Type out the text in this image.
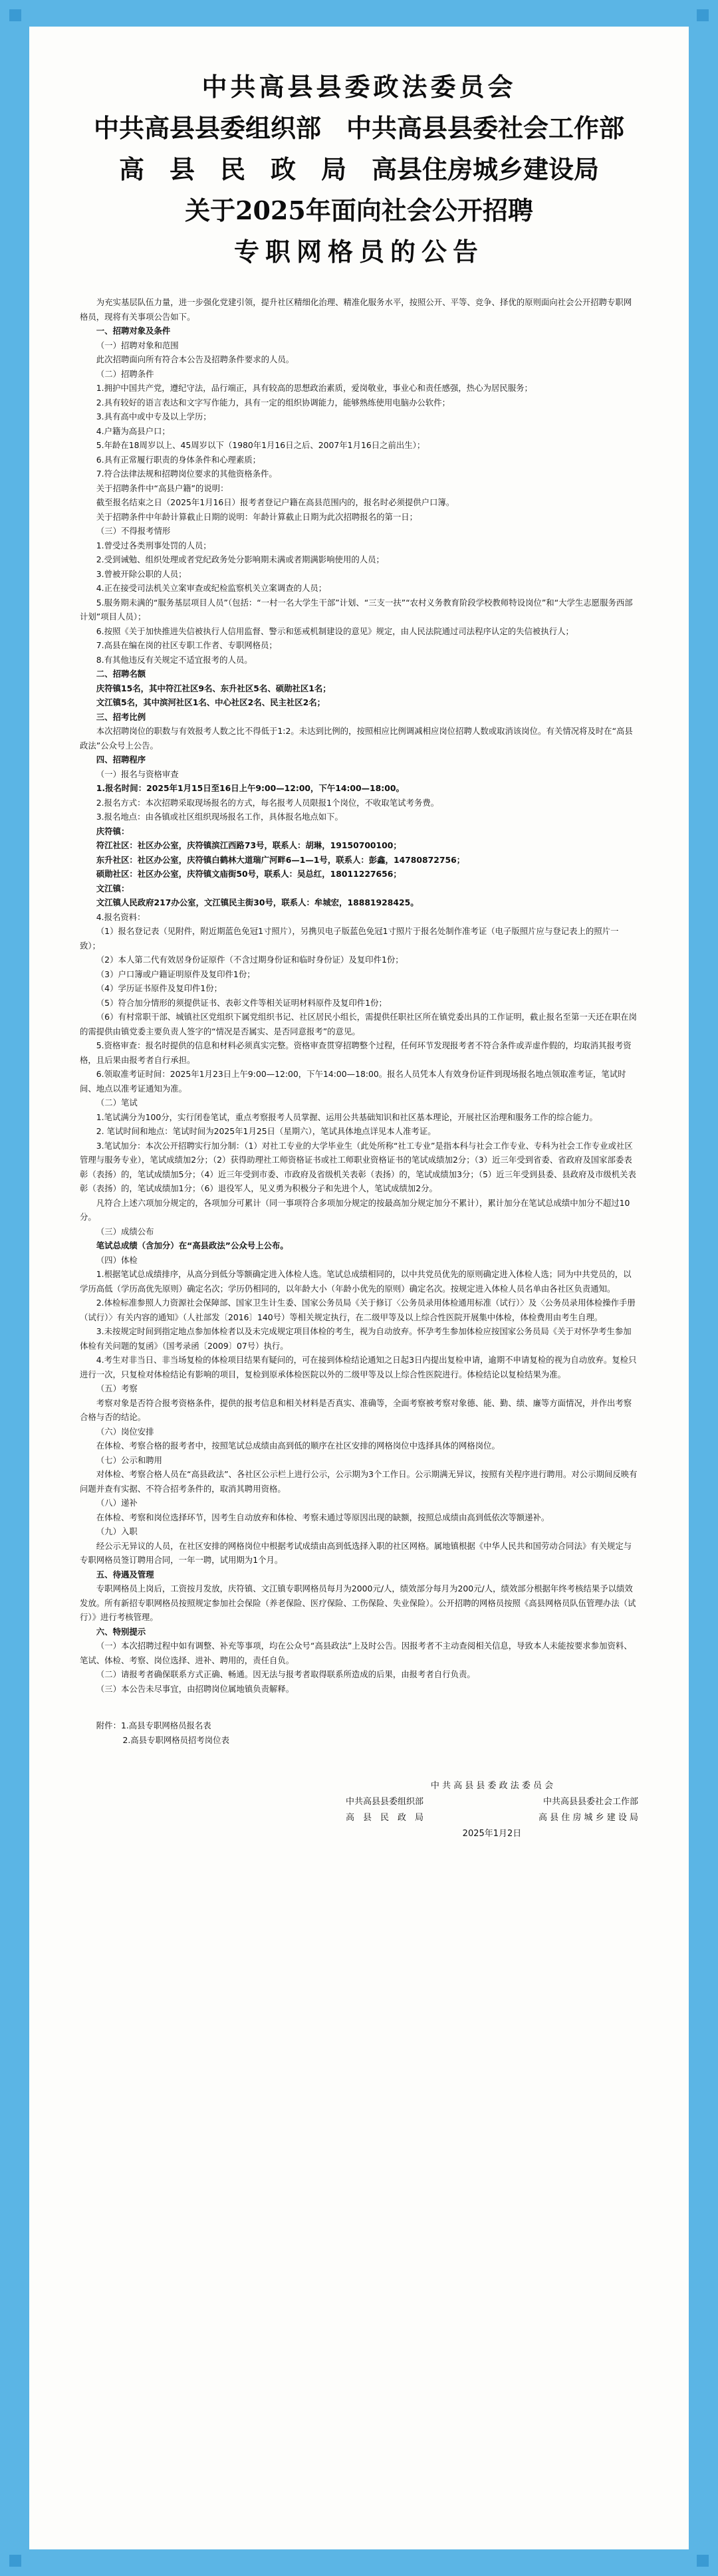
中共高县县委政法委员会
中共高县县委组织部　中共高县县委社会工作部
高　县　民　政　局　高县住房城乡建设局
关于2025年面向社会公开招聘
专职网格员的公告

为充实基层队伍力量，进一步强化党建引领，提升社区精细化治理、精准化服务水平，按照公开、平等、竞争、择优的原则面向社会公开招聘专职网格员，现将有关事项公告如下。

一、招聘对象及条件

（一）招聘对象和范围

此次招聘面向所有符合本公告及招聘条件要求的人员。

（二）招聘条件

1.拥护中国共产党，遵纪守法，品行端正，具有较高的思想政治素质，爱岗敬业，事业心和责任感强，热心为居民服务；

2.具有较好的语言表达和文字写作能力，具有一定的组织协调能力，能够熟练使用电脑办公软件；

3.具有高中或中专及以上学历；

4.户籍为高县户口；

5.年龄在18周岁以上、45周岁以下（1980年1月16日之后、2007年1月16日之前出生）；

6.具有正常履行职责的身体条件和心理素质；

7.符合法律法规和招聘岗位要求的其他资格条件。

关于招聘条件中“高县户籍”的说明：

截至报名结束之日（2025年1月16日）报考者登记户籍在高县范围内的，报名时必须提供户口簿。

关于招聘条件中年龄计算截止日期的说明：年龄计算截止日期为此次招聘报名的第一日；

（三）不得报考情形

1.曾受过各类刑事处罚的人员；

2.受到诫勉、组织处理或者党纪政务处分影响期未满或者期满影响使用的人员；

3.曾被开除公职的人员；

4.正在接受司法机关立案审查或纪检监察机关立案调查的人员；

5.服务期未满的“服务基层项目人员”（包括：“一村一名大学生干部”计划、“三支一扶”“农村义务教育阶段学校教师特设岗位”和“大学生志愿服务西部计划”项目人员）；

6.按照《关于加快推进失信被执行人信用监督、警示和惩戒机制建设的意见》规定，由人民法院通过司法程序认定的失信被执行人；

7.高县在编在岗的社区专职工作者、专职网格员；

8.有其他违反有关规定不适宜报考的人员。

二、招聘名额

庆符镇15名，其中符江社区9名、东升社区5名、硕勋社区1名；

文江镇5名，其中滨河社区1名、中心社区2名、民主社区2名；

三、招考比例

本次招聘岗位的职数与有效报考人数之比不得低于1:2。未达到比例的，按照相应比例调减相应岗位招聘人数或取消该岗位。有关情况将及时在“高县政法”公众号上公告。

四、招聘程序

（一）报名与资格审查

1.报名时间：2025年1月15日至16日上午9:00—12:00，下午14:00—18:00。

2.报名方式：本次招聘采取现场报名的方式，每名报考人员限报1个岗位，不收取笔试考务费。

3.报名地点：由各镇或社区组织现场报名工作，具体报名地点如下。

庆符镇：

符江社区：社区办公室，庆符镇滨江西路73号，联系人：胡琳，19150700100；

东升社区：社区办公室，庆符镇白鹤林大道瑞广河畔6—1—1号，联系人：彭鑫，14780872756；

硕勋社区：社区办公室，庆符镇文庙街50号，联系人：吴总红，18011227656；

文江镇：

文江镇人民政府217办公室，文江镇民主街30号，联系人：牟城宏，18881928425。

4.报名资料：

（1）报名登记表（见附件，附近期蓝色免冠1寸照片），另携贝电子版蓝色免冠1寸照片于报名处制作准考证（电子版照片应与登记表上的照片一致）；

（2）本人第二代有效居身份证原件（不含过期身份证和临时身份证）及复印件1份；

（3）户口簿或户籍证明原件及复印件1份；

（4）学历证书原件及复印件1份；

（5）符合加分情形的须提供证书、表彰文件等相关证明材料原件及复印件1份；

（6）有村常职干部、城镇社区党组织下属党组织书记、社区居民小组长，需提供任职社区所在镇党委出具的工作证明，截止报名至第一天还在职在岗的需提供由镇党委主要负责人签字的“情况是否属实、是否同意报考”的意见。

5.资格审查：报名时提供的信息和材料必须真实完整。资格审查贯穿招聘整个过程，任何环节发现报考者不符合条件或弄虚作假的，均取消其报考资格，且后果由报考者自行承担。

6.领取准考证时间：2025年1月23日上午9:00—12:00，下午14:00—18:00。报名人员凭本人有效身份证件到现场报名地点领取准考证，笔试时间、地点以准考证通知为准。

（二）笔试

1.笔试满分为100分，实行闭卷笔试，重点考察报考人员掌握、运用公共基础知识和社区基本理论，开展社区治理和服务工作的综合能力。

2. 笔试时间和地点：笔试时间为2025年1月25日（星期六），笔试具体地点详见本人准考证。

3.笔试加分：本次公开招聘实行加分制：（1）对社工专业的大学毕业生（此处所称“社工专业”是指本科与社会工作专业、专科为社会工作专业或社区管理与服务专业），笔试成绩加2分；（2）获得助理社工师资格证书或社工师职业资格证书的笔试成绩加2分；（3）近三年受到省委、省政府及国家部委表彰（表扬）的，笔试成绩加5分；（4）近三年受到市委、市政府及省级机关表彰（表扬）的，笔试成绩加3分；（5）近三年受到县委、县政府及市级机关表彰（表扬）的，笔试成绩加1分；（6）退役军人，见义勇为积极分子和先进个人，笔试成绩加2分。

凡符合上述六项加分规定的，各项加分可累计（同一事项符合多项加分规定的按最高加分规定加分不累计），累计加分在笔试总成绩中加分不超过10分。

（三）成绩公布

笔试总成绩（含加分）在“高县政法”公众号上公布。

（四）体检

1.根据笔试总成绩排序，从高分到低分等额确定进入体检人选。笔试总成绩相同的，以中共党员优先的原则确定进入体检人选；同为中共党员的，以学历高低（学历高优先原则）确定名次；学历仍相同的，以年龄大小（年龄小优先的原则）确定名次。按规定进入体检人员名单由各社区负责通知。

2.体检标准参照人力资源社会保障部、国家卫生计生委、国家公务员局《关于修订〈公务员录用体检通用标准（试行）〉及〈公务员录用体检操作手册（试行）〉有关内容的通知》（人社部发〔2016〕140号）等相关规定执行，在二级甲等及以上综合性医院开展集中体检，体检费用由考生自理。

3.未按规定时间到指定地点参加体检者以及未完成规定项目体检的考生，视为自动放弃。怀孕考生参加体检应按国家公务员局《关于对怀孕考生参加体检有关问题的复函》（国考录函〔2009〕07号）执行。

4.考生对非当日、非当场复检的体检项目结果有疑问的，可在接到体检结论通知之日起3日内提出复检申请，逾期不申请复检的视为自动放弃。复检只进行一次，只复检对体检结论有影响的项目，复检到原承体检医院以外的二级甲等及以上综合性医院进行。体检结论以复检结果为准。

（五）考察

考察对象是否符合报考资格条件，提供的报考信息和相关材料是否真实、准确等，全面考察被考察对象德、能、勤、绩、廉等方面情况，并作出考察合格与否的结论。

（六）岗位安排

在体检、考察合格的报考者中，按照笔试总成绩由高到低的顺序在社区安排的网格岗位中选择具体的网格岗位。

（七）公示和聘用

对体检、考察合格人员在“高县政法”、各社区公示栏上进行公示，公示期为3个工作日。公示期满无异议，按照有关程序进行聘用。对公示期间反映有问题并查有实据、不符合招考条件的，取消其聘用资格。

（八）递补

在体检、考察和岗位选择环节，因考生自动放弃和体检、考察未通过等原因出现的缺额，按照总成绩由高到低依次等额递补。

（九）入职

经公示无异议的人员，在社区安排的网格岗位中根据考试成绩由高到低选择入职的社区网格。属地镇根据《中华人民共和国劳动合同法》有关规定与专职网格员签订聘用合同，一年一聘，试用期为1个月。

五、待遇及管理

专职网格员上岗后，工资按月发放，庆符镇、文江镇专职网格员每月为2000元/人，绩效部分每月为200元/人，绩效部分根据年终考核结果予以绩效发放。所有新招专职网格员按照规定参加社会保险（养老保险、医疗保险、工伤保险、失业保险）。公开招聘的网格员按照《高县网格员队伍管理办法（试行）》进行考核管理。

六、特别提示

（一）本次招聘过程中如有调整、补充等事项，均在公众号“高县政法”上及时公告。因报考者不主动查阅相关信息，导致本人未能按要求参加资料、笔试、体检、考察、岗位选择、进补、聘用的，责任自负。

（二）请报考者确保联系方式正确、畅通。因无法与报考者取得联系所造成的后果，由报考者自行负责。

（三）本公告未尽事宜，由招聘岗位属地镇负责解释。

附件：1.高县专职网格员报名表

2.高县专职网格员招考岗位表

中 共 高 县 县 委 政 法 委 员 会
中共高县县委组织部	中共高县县委社会工作部
高　县　民　政　局	高 县 住 房 城 乡 建 设 局
2025年1月2日
